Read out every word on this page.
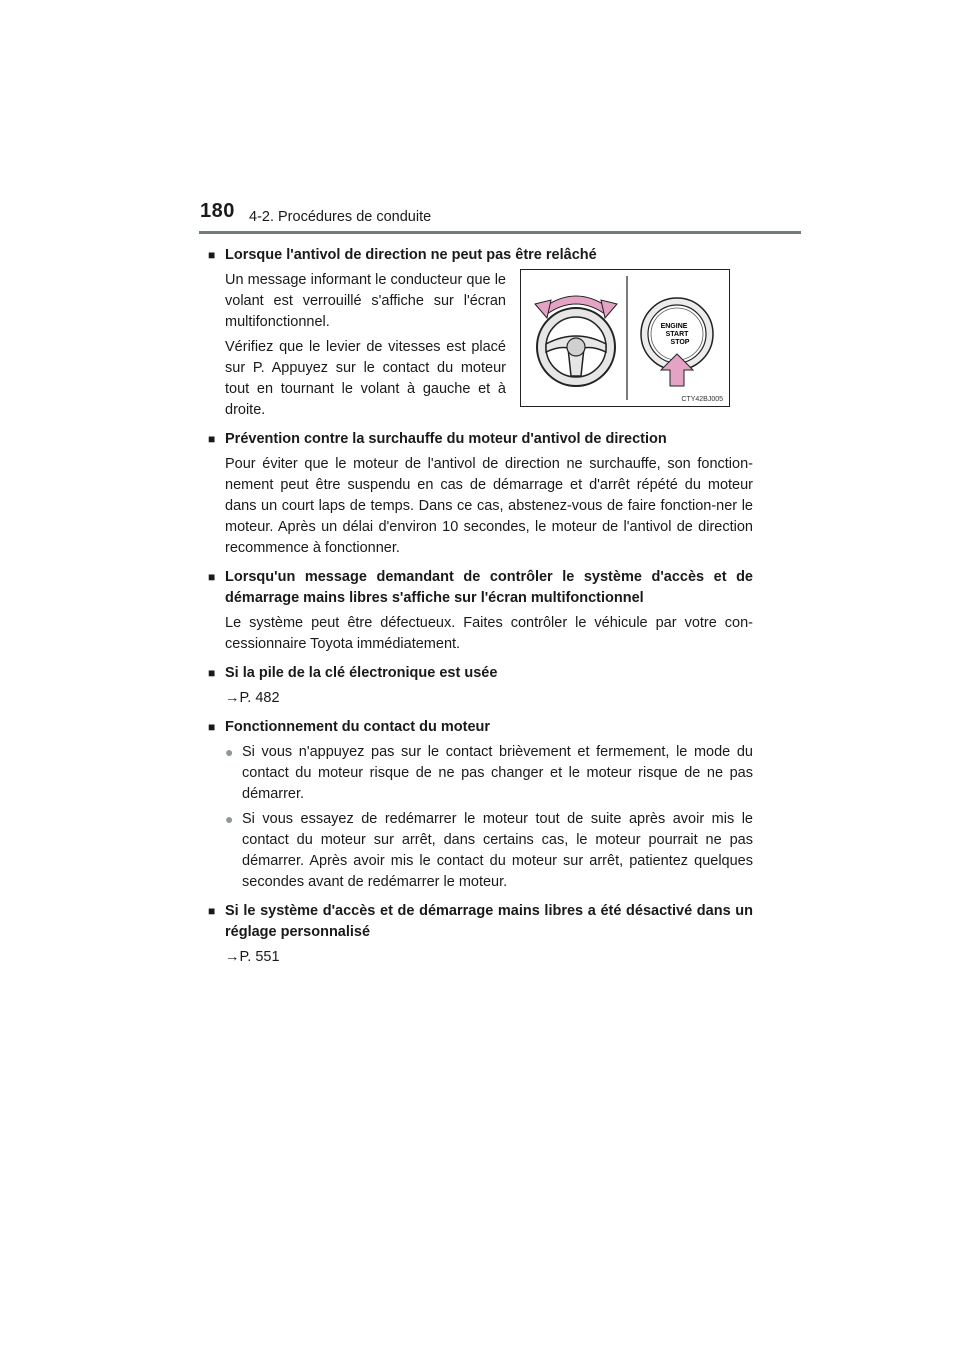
180 4-2. Procédures de conduite
■ Lorsque l'antivol de direction ne peut pas être relâché
Un message informant le conducteur que le volant est verrouillé s'affiche sur l'écran multifonctionnel.
Vérifiez que le levier de vitesses est placé sur P. Appuyez sur le contact du moteur tout en tournant le volant à gauche et à droite.
ENGINE
START
STOP
CTY42BJ005
■ Prévention contre la surchauffe du moteur d'antivol de direction
Pour éviter que le moteur de l'antivol de direction ne surchauffe, son fonction-nement peut être suspendu en cas de démarrage et d'arrêt répété du moteur dans un court laps de temps. Dans ce cas, abstenez-vous de faire fonction-ner le moteur. Après un délai d'environ 10 secondes, le moteur de l'antivol de direction recommence à fonctionner.
■ Lorsqu'un message demandant de contrôler le système d'accès et de démarrage mains libres s'affiche sur l'écran multifonctionnel
Le système peut être défectueux. Faites contrôler le véhicule par votre con-cessionnaire Toyota immédiatement.
■ Si la pile de la clé électronique est usée
→P. 482
■ Fonctionnement du contact du moteur
● Si vous n'appuyez pas sur le contact brièvement et fermement, le mode du contact du moteur risque de ne pas changer et le moteur risque de ne pas démarrer.
● Si vous essayez de redémarrer le moteur tout de suite après avoir mis le contact du moteur sur arrêt, dans certains cas, le moteur pourrait ne pas démarrer. Après avoir mis le contact du moteur sur arrêt, patientez quelques secondes avant de redémarrer le moteur.
■ Si le système d'accès et de démarrage mains libres a été désactivé dans un réglage personnalisé
→P. 551
